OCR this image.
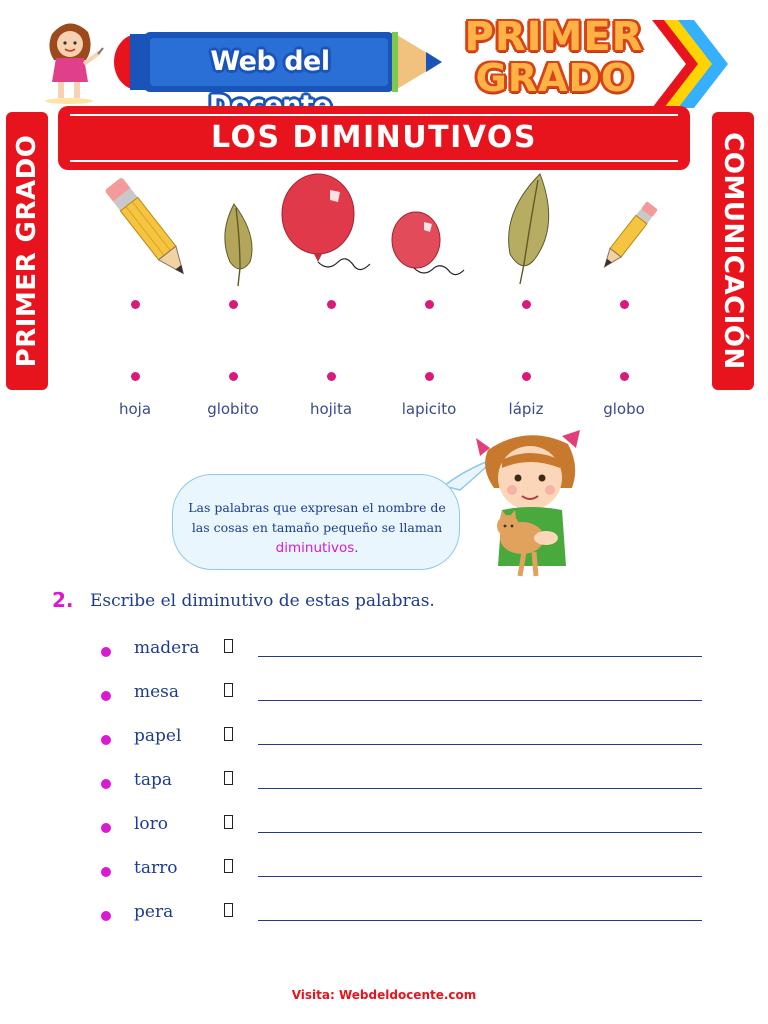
Web del
PRIMER
GRADO
LOS DIMINUTIVOS
PRIMER GRADO	COMUNICACIÓN
hoja	globito	hojita	lapicito	lápiz	globo
Las palabras que expresan el nombre de las cosas en tamaño pequeño se llaman diminutivos.
2. Escribe el diminutivo de estas palabras.
madera
mesa
papel
tapa
loro
tarro
pera
Visita: Webdeldocente.com
